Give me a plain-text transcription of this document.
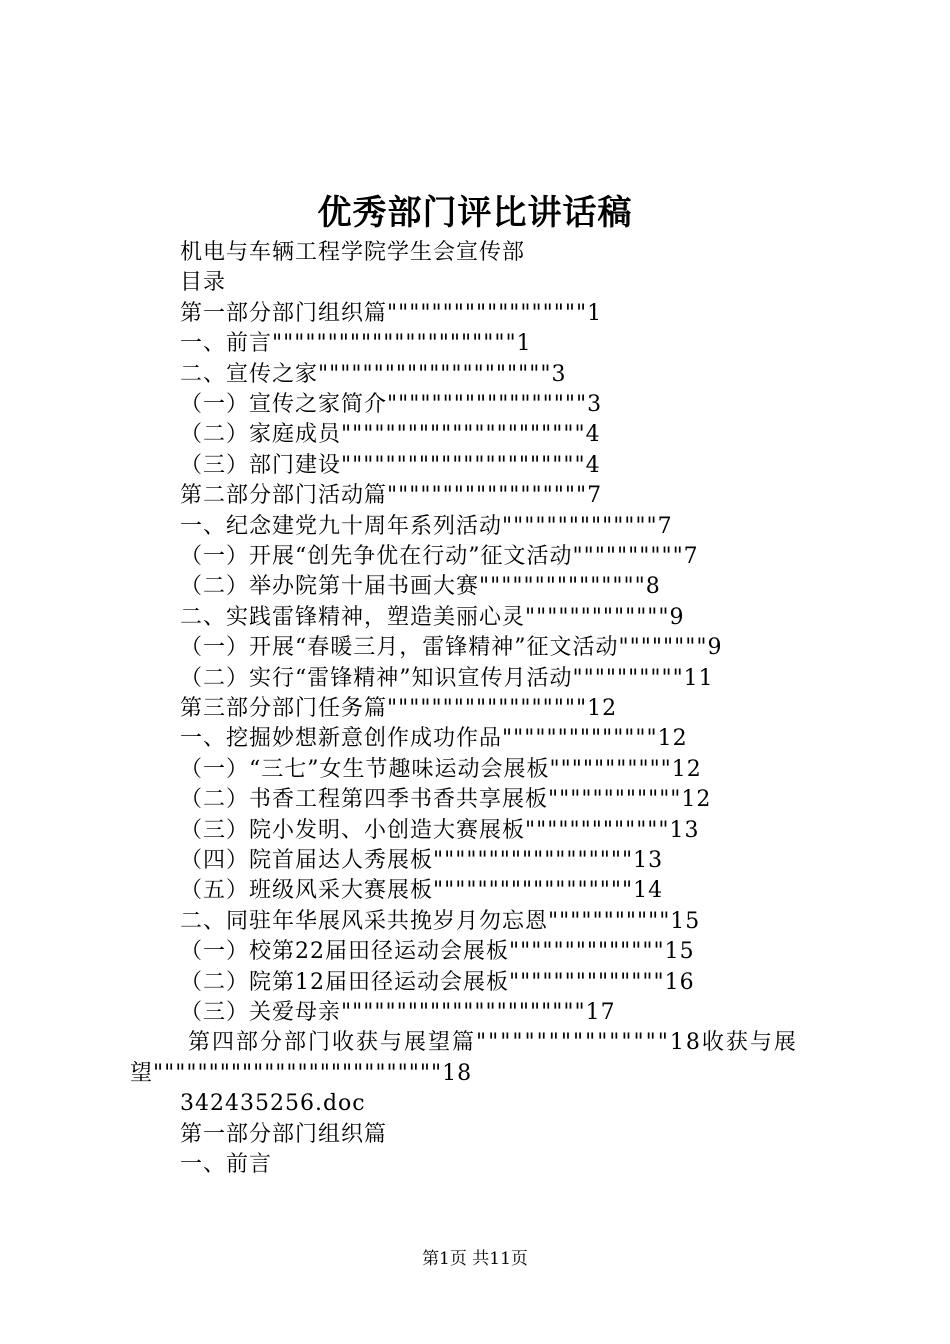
优秀部门评比讲话稿
机电与车辆工程学院学生会宣传部
目录
第一部分部门组织篇""""""""""""""""""1
一、前言""""""""""""""""""""""1
二、宣传之家"""""""""""""""""""""3
（一）宣传之家简介""""""""""""""""""3
（二）家庭成员""""""""""""""""""""""4
（三）部门建设""""""""""""""""""""""4
第二部分部门活动篇""""""""""""""""""7
一、纪念建党九十周年系列活动""""""""""""""7
（一）开展“创先争优在行动”征文活动""""""""""7
（二）举办院第十届书画大赛"""""""""""""""8
二、实践雷锋精神，塑造美丽心灵"""""""""""""9
（一）开展“春暖三月，雷锋精神”征文活动""""""""9
（二）实行“雷锋精神”知识宣传月活动""""""""""11
第三部分部门任务篇""""""""""""""""""12
一、挖掘妙想新意创作成功作品""""""""""""""12
（一）“三七”女生节趣味运动会展板"""""""""""12
（二）书香工程第四季书香共享展板""""""""""""12
（三）院小发明、小创造大赛展板"""""""""""""13
（四）院首届达人秀展板""""""""""""""""""13
（五）班级风采大赛展板""""""""""""""""""14
二、同驻年华展风采共挽岁月勿忘恩"""""""""""15
（一）校第22届田径运动会展板""""""""""""""15
（二）院第12届田径运动会展板""""""""""""""16
（三）关爱母亲""""""""""""""""""""""17
第四部分部门收获与展望篇""""""""""""""""18收获与展
望""""""""""""""""""""""""""18
342435256.doc
第一部分部门组织篇
一、前言
第1页 共11页
